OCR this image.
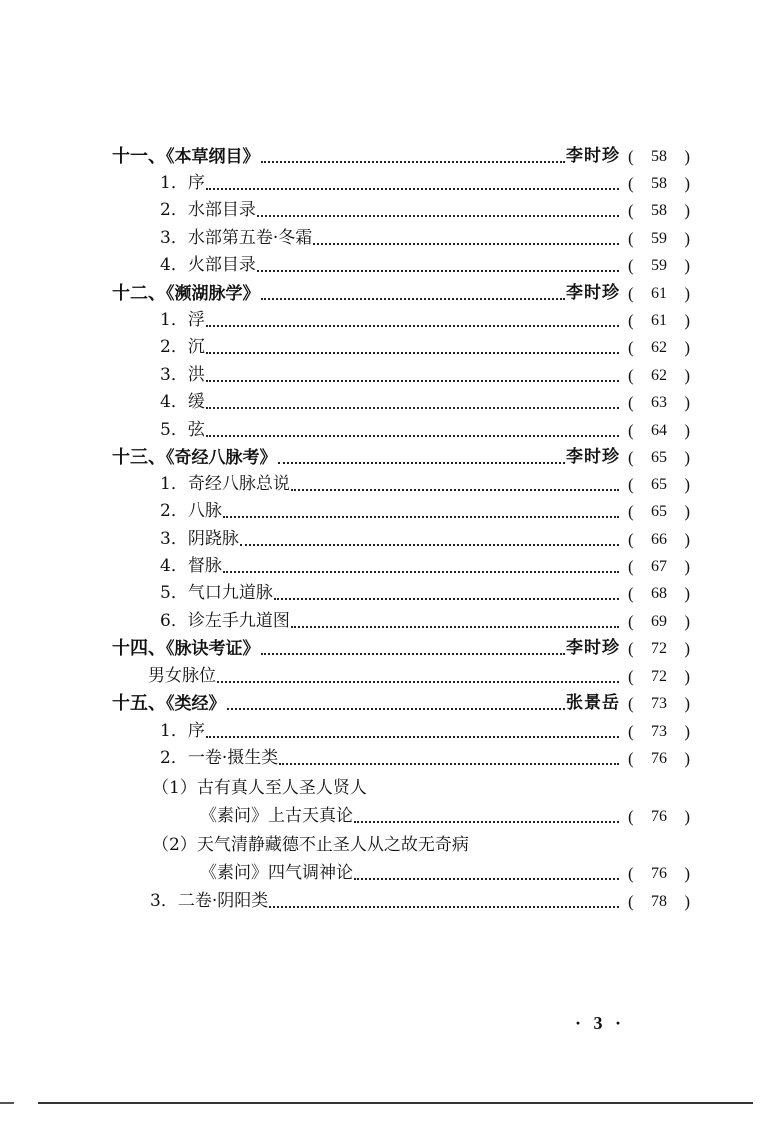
十一、《本草纲目》	李时珍 ( 58 )
1．序	( 58 )
2．水部目录	( 58 )
3．水部第五卷·冬霜	( 59 )
4．火部目录	( 59 )
十二、《濒湖脉学》	李时珍 ( 61 )
1．浮	( 61 )
2．沉	( 62 )
3．洪	( 62 )
4．缓	( 63 )
5．弦	( 64 )
十三、《奇经八脉考》	李时珍 ( 65 )
1．奇经八脉总说	( 65 )
2．八脉	( 65 )
3．阴跷脉	( 66 )
4．督脉	( 67 )
5．气口九道脉	( 68 )
6．诊左手九道图	( 69 )
十四、《脉诀考证》	李时珍 ( 72 )
男女脉位	( 72 )
十五、《类经》	张景岳 ( 73 )
1．序	( 73 )
2．一卷·摄生类	( 76 )
（1）古有真人至人圣人贤人
《素问》上古天真论	( 76 )
（2）天气清静藏德不止圣人从之故无奇病
《素问》四气调神论	( 76 )
3．二卷·阴阳类	( 78 )
· 3 ·
